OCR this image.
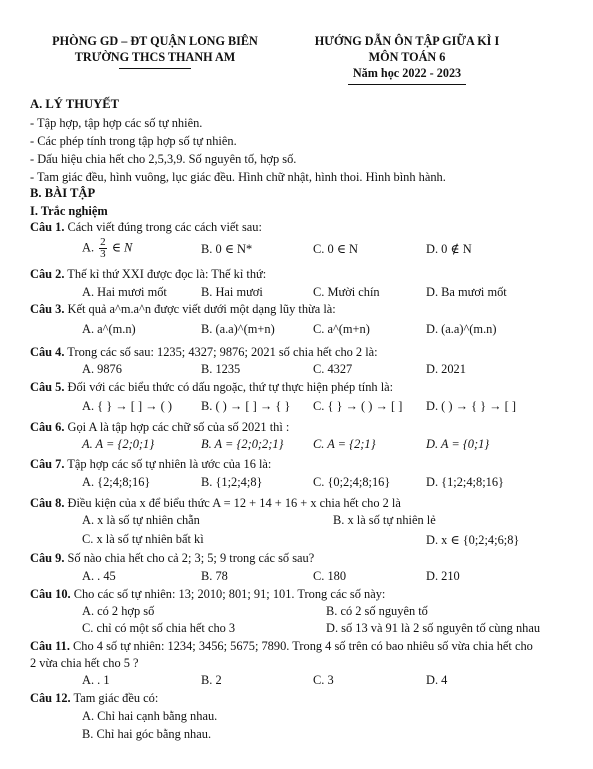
PHÒNG GD – ĐT QUẬN LONG BIÊN
TRƯỜNG THCS THANH AM
HƯỚNG DẪN ÔN TẬP GIỮA KÌ I
MÔN TOÁN 6
Năm học 2022 - 2023
A. LÝ THUYẾT
- Tập hợp, tập hợp các số tự nhiên.
- Các phép tính trong tập hợp số tự nhiên.
- Dấu hiệu chia hết cho 2,5,3,9. Số nguyên tố, hợp số.
- Tam giác đều, hình vuông, lục giác đều. Hình chữ nhật, hình thoi. Hình bình hành.
B. BÀI TẬP
I. Trắc nghiệm
Câu 1. Cách viết đúng trong các cách viết sau:
A. $\frac{2}{3}$ ∈ N	B. 0 ∈ N*	C. 0 ∈ N	D. 0 ∉ N
Câu 2. Thế kỉ thứ XXI được đọc là: Thế kỉ thứ:
A. Hai mươi mốt	B. Hai mươi	C. Mười chín	D. Ba mươi mốt
Câu 3. Kết quả a^m.a^n được viết dưới một dạng lũy thừa là:
A. a^(m.n)	B. (a.a)^(m+n)	C. a^(m+n)	D. (a.a)^(m.n)
Câu 4. Trong các số sau: 1235; 4327; 9876; 2021 số chia hết cho 2 là:
A. 9876	B. 1235	C. 4327	D. 2021
Câu 5. Đối với các biểu thức có dấu ngoặc, thứ tự thực hiện phép tính là:
A. { } → [ ] → ( ) B. ( ) → [ ] → { } C. { } → ( ) → [ ] D. ( ) → { } → [ ]
Câu 6. Gọi A là tập hợp các chữ số của số 2021 thì :
A. A = {2;0;1}	B. A = {2;0;2;1} C. A = {2;1}	D. A = {0;1}
Câu 7. Tập hợp các số tự nhiên là ước của 16 là:
A. {2;4;8;16}	B. {1;2;4;8}	C. {0;2;4;8;16}	D. {1;2;4;8;16}
Câu 8. Điều kiện của x để biểu thức A = 12 + 14 + 16 + x chia hết cho 2 là
A. x là số tự nhiên chẵn	B. x là số tự nhiên lẻ
C. x là số tự nhiên bất kì	D. x ∈ {0;2;4;6;8}
Câu 9. Số nào chia hết cho cả 2; 3; 5; 9 trong các số sau?
A. . 45	B. 78	C. 180	D. 210
Câu 10. Cho các số tự nhiên: 13; 2010; 801; 91; 101. Trong các số này:
A. có 2 hợp số	B. có 2 số nguyên tố
C. chỉ có một số chia hết cho 3	D. số 13 và 91 là 2 số nguyên tố cùng nhau
Câu 11. Cho 4 số tự nhiên: 1234; 3456; 5675; 7890. Trong 4 số trên có bao nhiêu số vừa chia hết cho
2 vừa chia hết cho 5 ?
A. . 1	B. 2	C. 3	D. 4
Câu 12. Tam giác đều có:
A. Chỉ hai cạnh bằng nhau.
B. Chỉ hai góc bằng nhau.
